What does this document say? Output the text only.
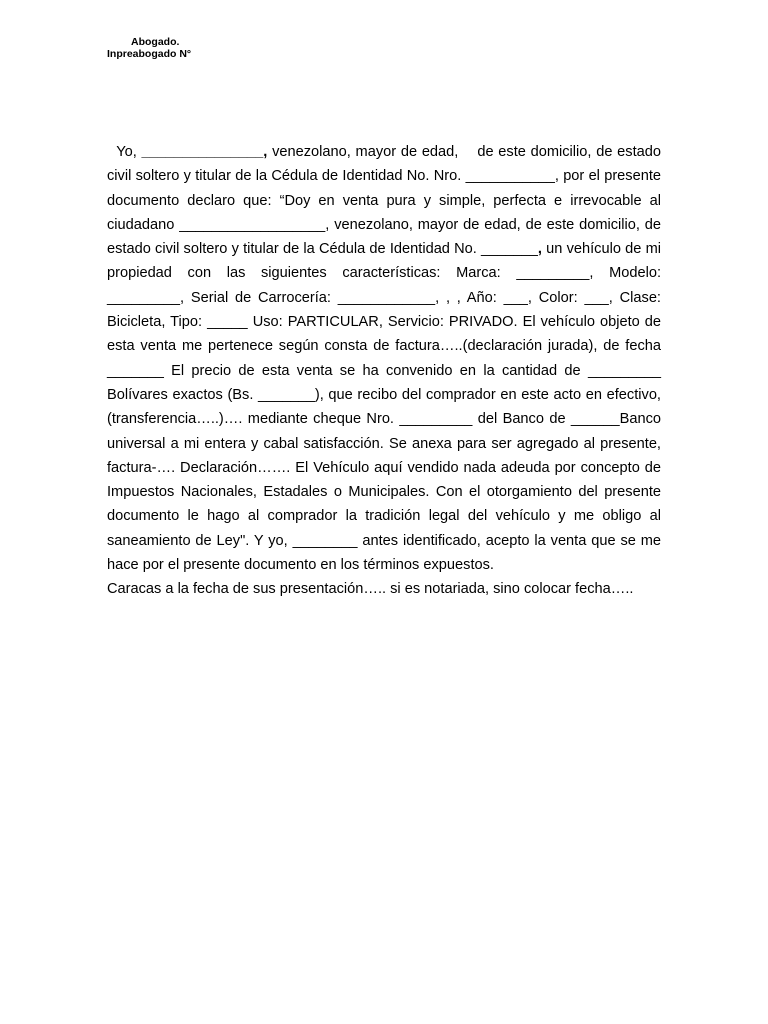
Abogado.
Inpreabogado N°

Yo, _______________, venezolano, mayor de edad,    de este domicilio, de estado civil soltero y titular de la Cédula de Identidad No. Nro. ___________, por el presente documento declaro que: “Doy en venta pura y simple, perfecta e irrevocable al ciudadano __________________, venezolano, mayor de edad, de este domicilio, de estado civil soltero y titular de la Cédula de Identidad No. _______, un vehículo de mi propiedad con las siguientes características: Marca: _________, Modelo: _________, Serial de Carrocería: ____________, , , Año: ___, Color: ___, Clase: Bicicleta, Tipo: _____ Uso: PARTICULAR, Servicio: PRIVADO. El vehículo objeto de esta venta me pertenece según consta de factura…..(declaración jurada), de fecha _______ El precio de esta venta se ha convenido en la cantidad de _________ Bolívares exactos (Bs. _______), que recibo del comprador en este acto en efectivo, (transferencia…..)…. mediante cheque Nro. _________ del Banco de ______Banco universal a mi entera y cabal satisfacción. Se anexa para ser agregado al presente, factura-…. Declaración……. El Vehículo aquí vendido nada adeuda por concepto de Impuestos Nacionales, Estadales o Municipales. Con el otorgamiento del presente documento le hago al comprador la tradición legal del vehículo y me obligo al saneamiento de Ley". Y yo, ________ antes identificado, acepto la venta que se me hace por el presente documento en los términos expuestos.

Caracas a la fecha de sus presentación….. si es notariada, sino colocar fecha…..
